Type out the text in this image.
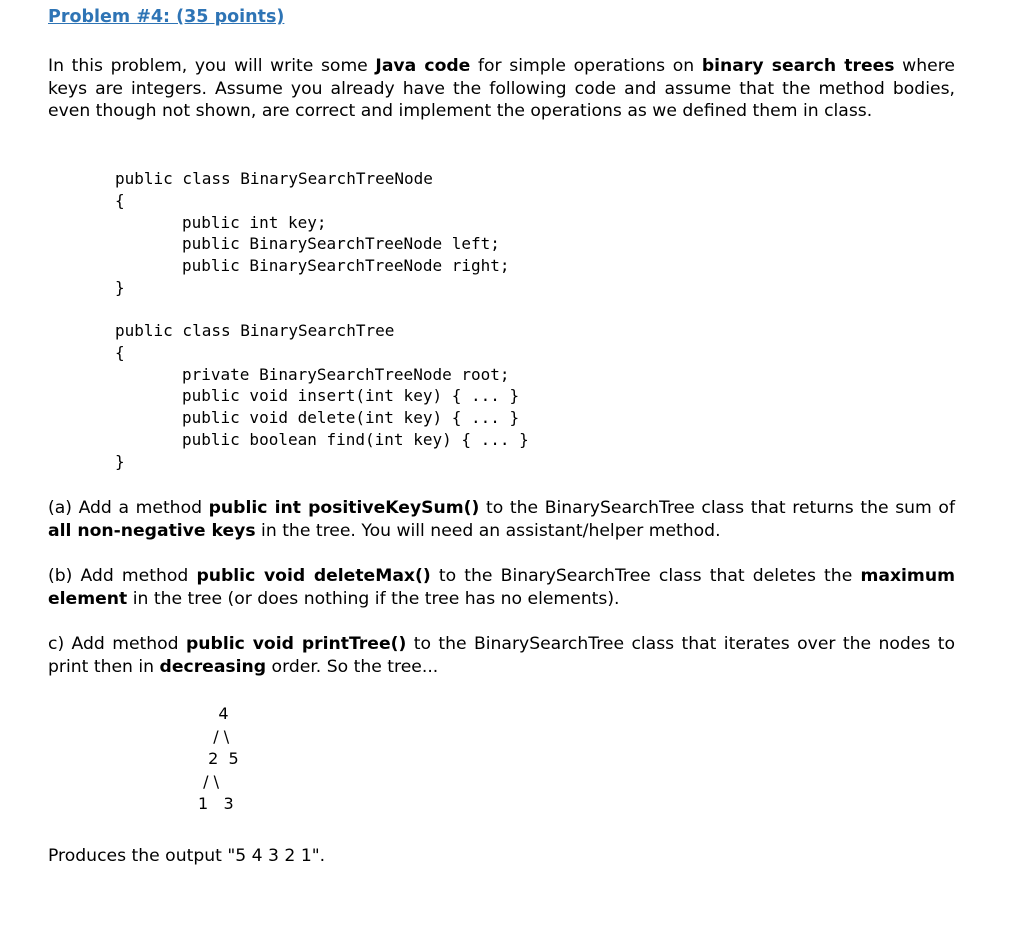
Problem #4: (35 points)

In this problem, you will write some Java code for simple operations on binary search trees where keys are integers. Assume you already have the following code and assume that the method bodies, even though not shown, are correct and implement the operations as we defined them in class.

public class BinarySearchTreeNode
{
public int key;
public BinarySearchTreeNode left;
public BinarySearchTreeNode right;
}
public class BinarySearchTree
{
private BinarySearchTreeNode root;
public void insert(int key) { ... }
public void delete(int key) { ... }
public boolean find(int key) { ... }
}

(a) Add a method public int positiveKeySum() to the BinarySearchTree class that returns the sum of all non-negative keys in the tree. You will need an assistant/helper method.

(b) Add method public void deleteMax() to the BinarySearchTree class that deletes the maximum element in the tree (or does nothing if the tree has no elements).

c) Add method public void printTree() to the BinarySearchTree class that iterates over the nodes to print then in decreasing order. So the tree...

4
/ \
2  5
/ \
1   3

Produces the output "5 4 3 2 1".
